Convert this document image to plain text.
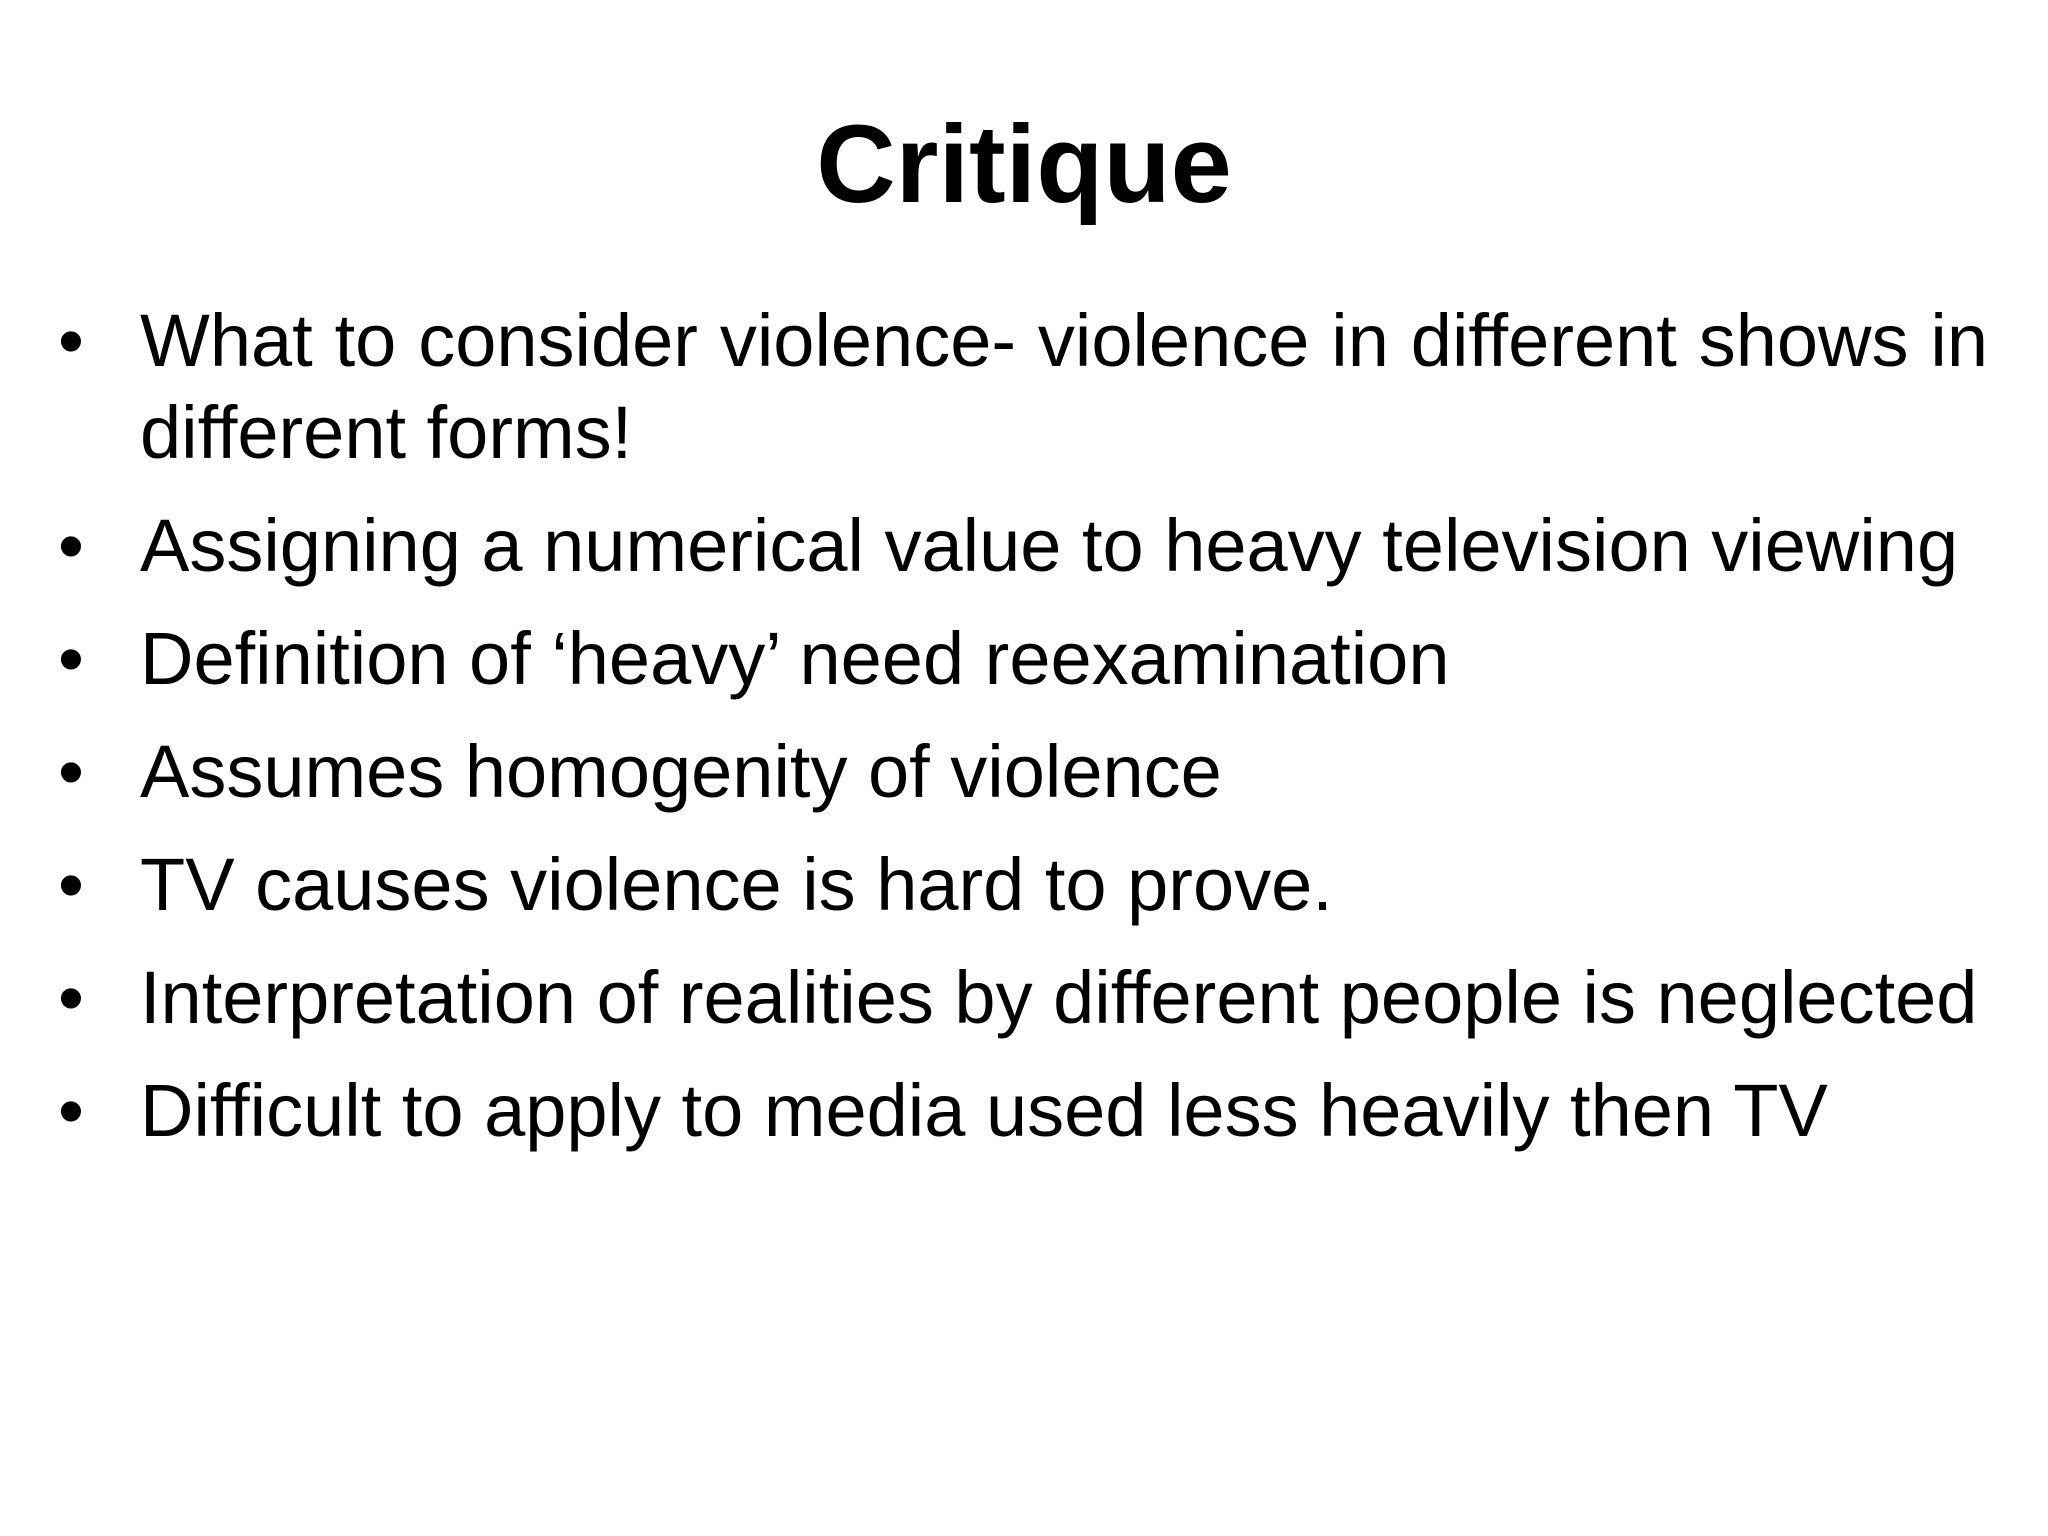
Critique
• What to consider violence- violence in different shows in different forms!
• Assigning a numerical value to heavy television viewing
• Definition of ‘heavy’ need reexamination
• Assumes homogenity of violence
• TV causes violence is hard to prove.
• Interpretation of realities by different people is neglected
• Difficult to apply to media used less heavily then TV
